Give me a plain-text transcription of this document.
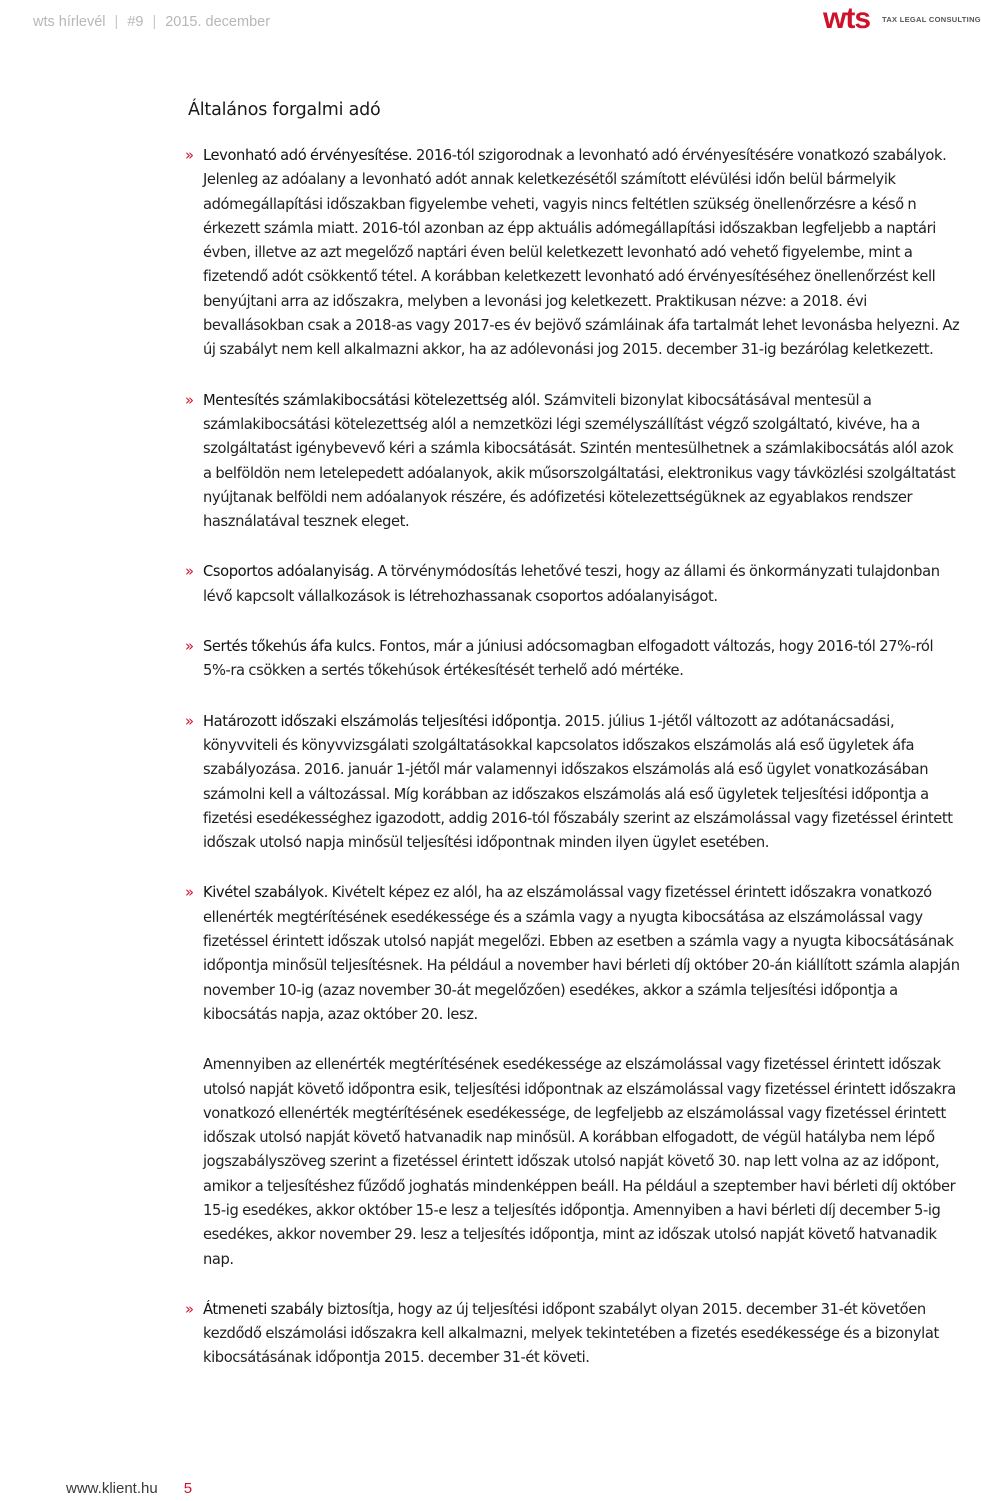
wts hírlevél | #9 | 2015. december	wts TAX LEGAL CONSULTING
Általános forgalmi adó

» Levonható adó érvényesítése. 2016-tól szigorodnak a levonható adó érvényesítésére vonatkozó szabályok. Jelenleg az adóalany a levonható adót annak keletkezésétől számított elévülési időn belül bármelyik adómegállapítási időszakban figyelembe veheti, vagyis nincs feltétlen szükség önellenőrzésre a késő n érkezett számla miatt. 2016-tól azonban az épp aktuális adómegállapítási időszakban legfeljebb a naptári évben, illetve az azt megelőző naptári éven belül keletkezett levonható adó vehető figyelembe, mint a fizetendő adót csökkentő tétel. A korábban keletkezett levonható adó érvényesítéséhez önellenőrzést kell benyújtani arra az időszakra, melyben a levonási jog keletkezett. Praktikusan nézve: a 2018. évi bevallásokban csak a 2018-as vagy 2017-es év bejövő számláinak áfa tartalmát lehet levonásba helyezni. Az új szabályt nem kell alkalmazni akkor, ha az adólevonási jog 2015. december 31-ig bezárólag keletkezett.

» Mentesítés számlakibocsátási kötelezettség alól. Számviteli bizonylat kibocsátásával mentesül a számlakibocsátási kötelezettség alól a nemzetközi légi személyszállítást végző szolgáltató, kivéve, ha a szolgáltatást igénybevevő kéri a számla kibocsátását. Szintén mentesülhetnek a számlakibocsátás alól azok a belföldön nem letelepedett adóalanyok, akik műsorszolgáltatási, elektronikus vagy távközlési szolgáltatást nyújtanak belföldi nem adóalanyok részére, és adófizetési kötelezettségüknek az egyablakos rendszer használatával tesznek eleget.

» Csoportos adóalanyiság. A törvénymódosítás lehetővé teszi, hogy az állami és önkormányzati tulajdonban lévő kapcsolt vállalkozások is létrehozhassanak csoportos adóalanyiságot.

» Sertés tőkehús áfa kulcs. Fontos, már a júniusi adócsomagban elfogadott változás, hogy 2016-tól 27%-ról 5%-ra csökken a sertés tőkehúsok értékesítését terhelő adó mértéke.

» Határozott időszaki elszámolás teljesítési időpontja. 2015. július 1-jétől változott az adótanácsadási, könyvviteli és könyvvizsgálati szolgáltatásokkal kapcsolatos időszakos elszámolás alá eső ügyletek áfa szabályozása. 2016. január 1-jétől már valamennyi időszakos elszámolás alá eső ügylet vonatkozásában számolni kell a változással. Míg korábban az időszakos elszámolás alá eső ügyletek teljesítési időpontja a fizetési esedékességhez igazodott, addig 2016-tól főszabály szerint az elszámolással vagy fizetéssel érintett időszak utolsó napja minősül teljesítési időpontnak minden ilyen ügylet esetében.

» Kivétel szabályok. Kivételt képez ez alól, ha az elszámolással vagy fizetéssel érintett időszakra vonatkozó ellenérték megtérítésének esedékessége és a számla vagy a nyugta kibocsátása az elszámolással vagy fizetéssel érintett időszak utolsó napját megelőzi. Ebben az esetben a számla vagy a nyugta kibocsátásának időpontja minősül teljesítésnek. Ha például a november havi bérleti díj október 20-án kiállított számla alapján november 10-ig (azaz november 30-át megelőzően) esedékes, akkor a számla teljesítési időpontja a kibocsátás napja, azaz október 20. lesz.

Amennyiben az ellenérték megtérítésének esedékessége az elszámolással vagy fizetéssel érintett időszak utolsó napját követő időpontra esik, teljesítési időpontnak az elszámolással vagy fizetéssel érintett időszakra vonatkozó ellenérték megtérítésének esedékessége, de legfeljebb az elszámolással vagy fizetéssel érintett időszak utolsó napját követő hatvanadik nap minősül. A korábban elfogadott, de végül hatályba nem lépő jogszabályszöveg szerint a fizetéssel érintett időszak utolsó napját követő 30. nap lett volna az az időpont, amikor a teljesítéshez fűződő joghatás mindenképpen beáll. Ha például a szeptember havi bérleti díj október 15-ig esedékes, akkor október 15-e lesz a teljesítés időpontja. Amennyiben a havi bérleti díj december 5-ig esedékes, akkor november 29. lesz a teljesítés időpontja, mint az időszak utolsó napját követő hatvanadik nap.

» Átmeneti szabály biztosítja, hogy az új teljesítési időpont szabályt olyan 2015. december 31-ét követően kezdődő elszámolási időszakra kell alkalmazni, melyek tekintetében a fizetés esedékessége és a bizonylat kibocsátásának időpontja 2015. december 31-ét követi.

www.klient.hu 5
